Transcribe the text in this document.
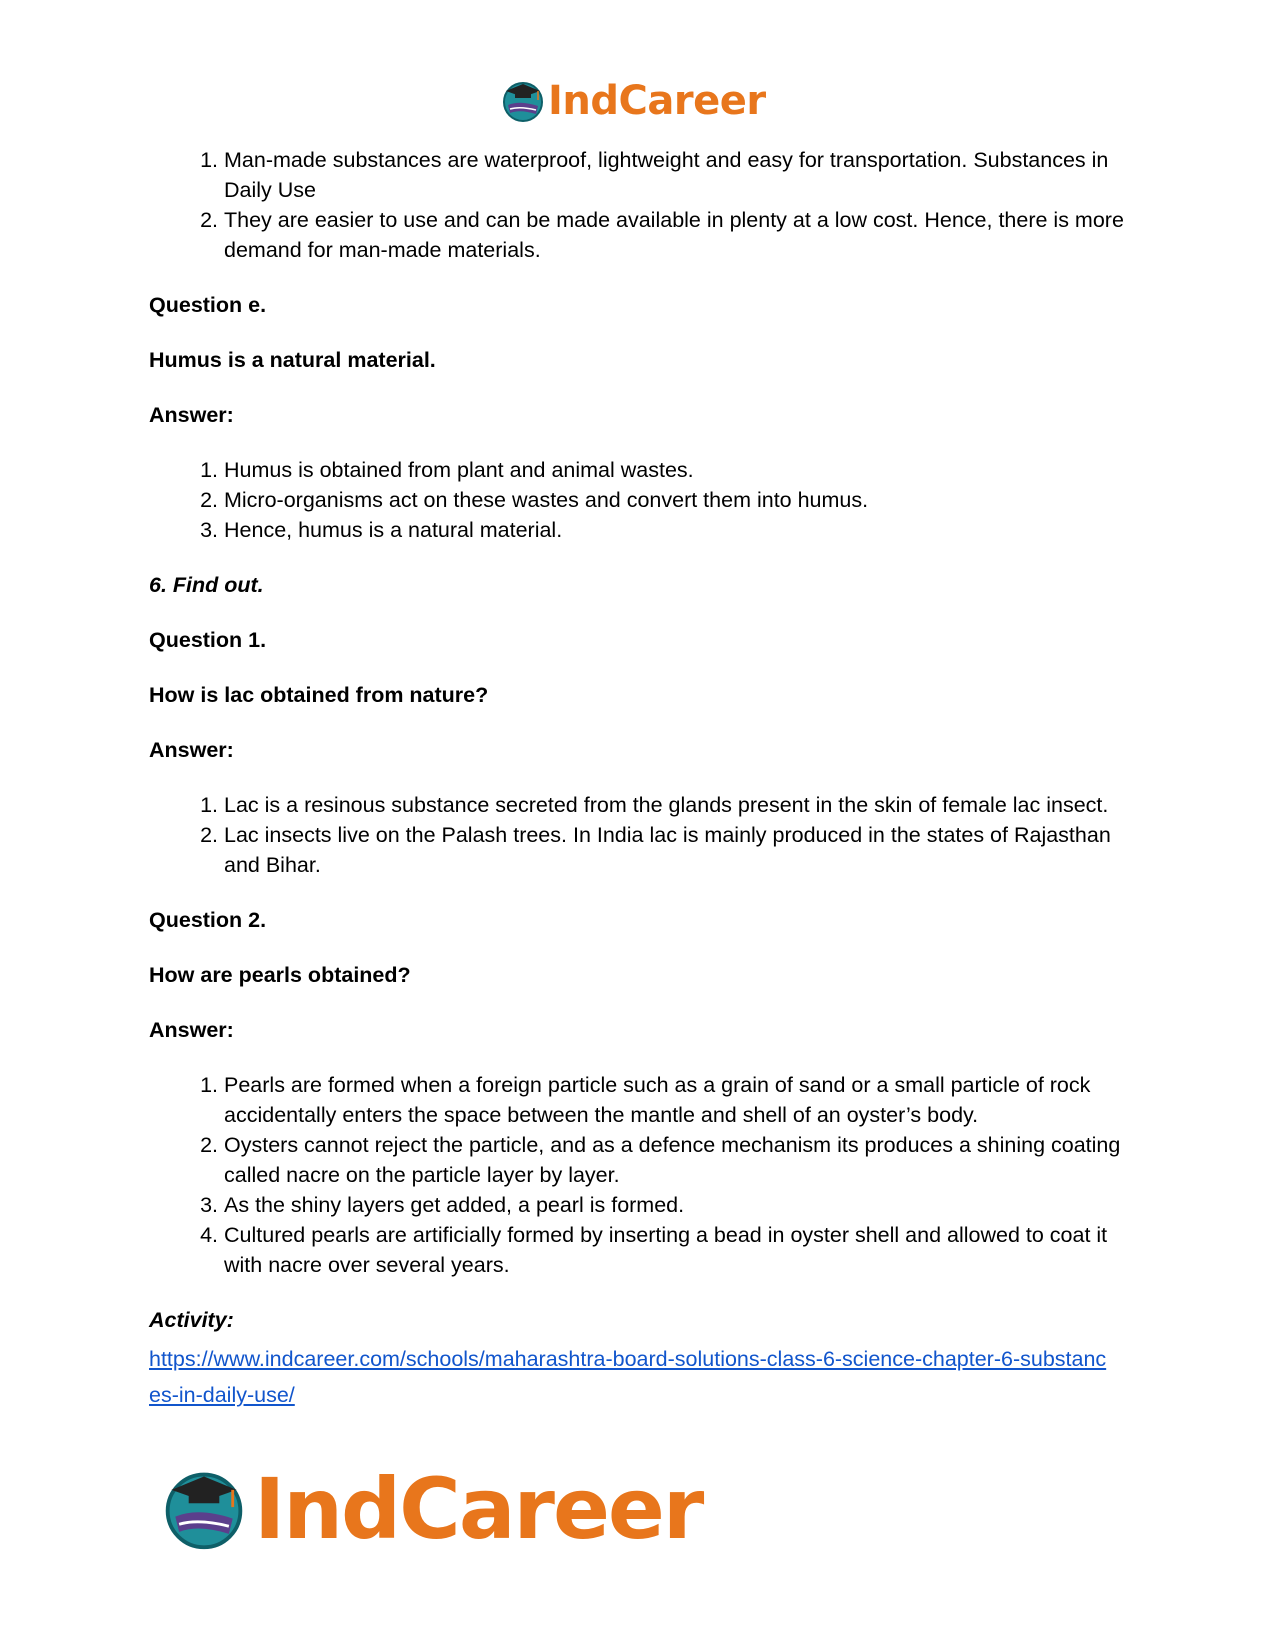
IndCareer
1. Man-made substances are waterproof, lightweight and easy for transportation. Substances in Daily Use
2. They are easier to use and can be made available in plenty at a low cost. Hence, there is more demand for man-made materials.

Question e.

Humus is a natural material.

Answer:

1. Humus is obtained from plant and animal wastes.
2. Micro-organisms act on these wastes and convert them into humus.
3. Hence, humus is a natural material.

6. Find out.

Question 1.

How is lac obtained from nature?

Answer:

1. Lac is a resinous substance secreted from the glands present in the skin of female lac insect.
2. Lac insects live on the Palash trees. In India lac is mainly produced in the states of Rajasthan and Bihar.

Question 2.

How are pearls obtained?

Answer:

1. Pearls are formed when a foreign particle such as a grain of sand or a small particle of rock accidentally enters the space between the mantle and shell of an oyster’s body.
2. Oysters cannot reject the particle, and as a defence mechanism its produces a shining coating called nacre on the particle layer by layer.
3. As the shiny layers get added, a pearl is formed.
4. Cultured pearls are artificially formed by inserting a bead in oyster shell and allowed to coat it with nacre over several years.

Activity:

https://www.indcareer.com/schools/maharashtra-board-solutions-class-6-science-chapter-6-substances-in-daily-use/
IndCareer
